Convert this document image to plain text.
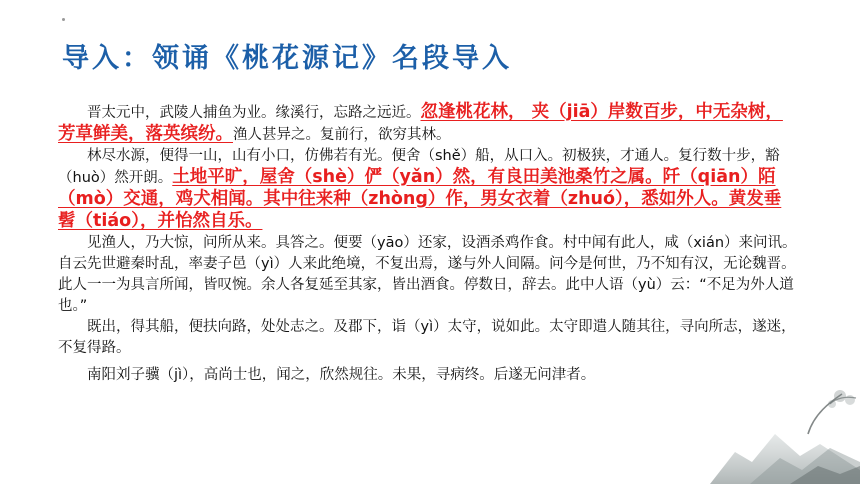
导入：领诵《桃花源记》名段导入

晋太元中，武陵人捕鱼为业。缘溪行，忘路之远近。忽逢桃花林， 夹（jiā）岸数百步，中无杂树，芳草鲜美，落英缤纷。渔人甚异之。复前行，欲穷其林。

林尽水源，便得一山，山有小口，仿佛若有光。便舍（shě）船，从口入。初极狭，才通人。复行数十步，豁（huò）然开朗。土地平旷，屋舍（shè）俨（yǎn）然，有良田美池桑竹之属。阡（qiān）陌（mò）交通，鸡犬相闻。其中往来种（zhòng）作，男女衣着（zhuó），悉如外人。黄发垂髫（tiáo），并怡然自乐。

见渔人，乃大惊，问所从来。具答之。便要（yāo）还家，设酒杀鸡作食。村中闻有此人，咸（xián）来问讯。自云先世避秦时乱，率妻子邑（yì）人来此绝境，不复出焉，遂与外人间隔。问今是何世，乃不知有汉，无论魏晋。此人一一为具言所闻，皆叹惋。余人各复延至其家，皆出酒食。停数日，辞去。此中人语（yù）云：“不足为外人道也。”

既出，得其船，便扶向路，处处志之。及郡下，诣（yì）太守，说如此。太守即遣人随其往，寻向所志，遂迷，不复得路。

南阳刘子骥（jì），高尚士也，闻之，欣然规往。未果，寻病终。后遂无问津者。
